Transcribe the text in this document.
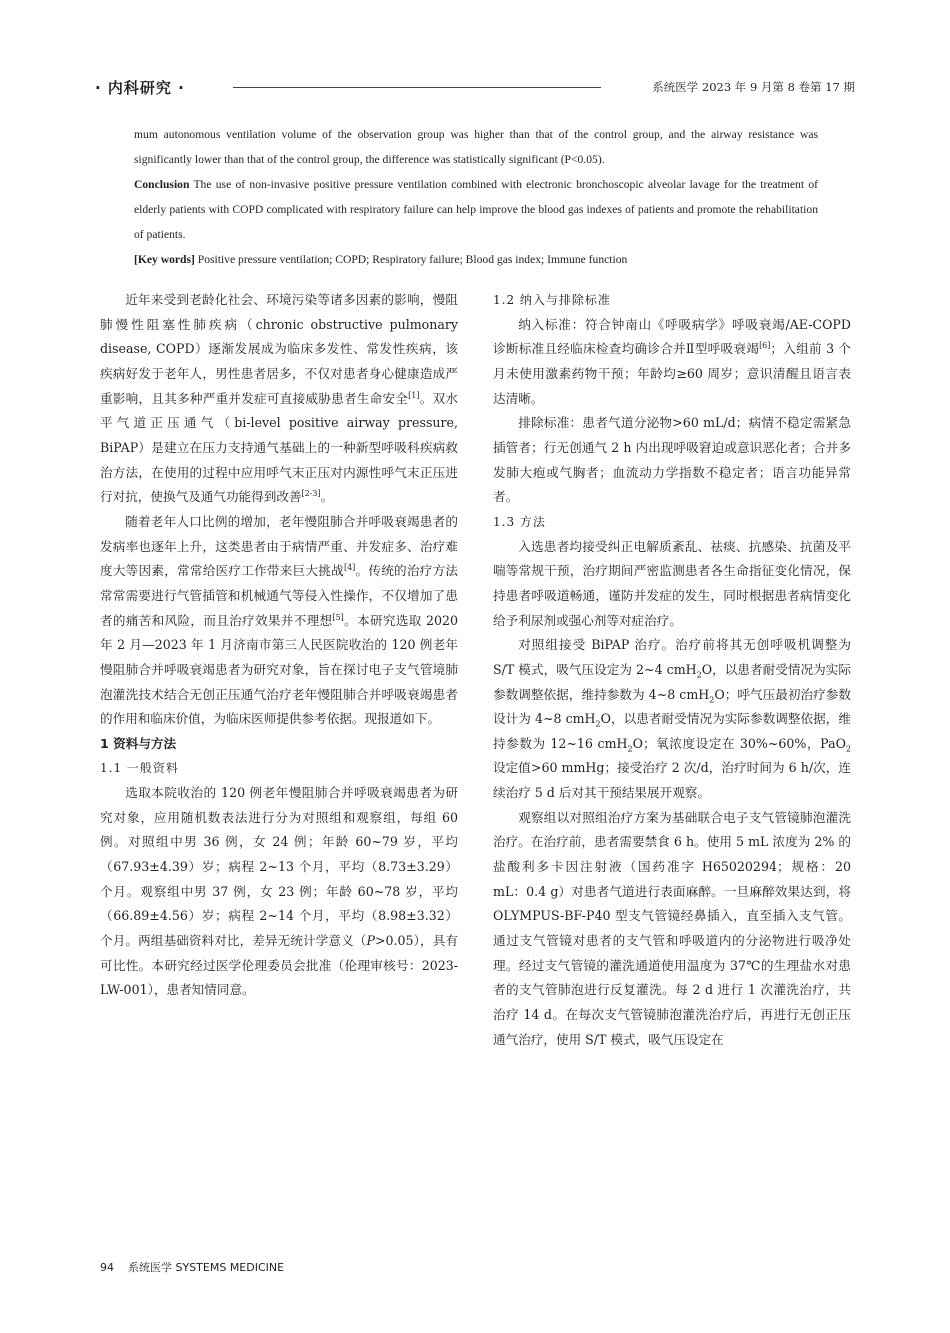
· 内科研究 ·	系统医学 2023 年 9 月第 8 卷第 17 期

mum autonomous ventilation volume of the observation group was higher than that of the control group, and the airway resistance was significantly lower than that of the control group, the difference was statistically significant (P<0.05).

Conclusion The use of non-invasive positive pressure ventilation combined with electronic bronchoscopic alveolar lavage for the treatment of elderly patients with COPD complicated with respiratory failure can help improve the blood gas indexes of patients and promote the rehabilitation of patients.

[Key words] Positive pressure ventilation; COPD; Respiratory failure; Blood gas index; Immune function

近年来受到老龄化社会、环境污染等诸多因素的影响，慢阻肺慢性阻塞性肺疾病（chronic obstructive pulmonary disease, COPD）逐渐发展成为临床多发性、常发性疾病，该疾病好发于老年人，男性患者居多，不仅对患者身心健康造成严重影响，且其多种严重并发症可直接威胁患者生命安全[1]。双水平气道正压通气（bi-level positive airway pressure, BiPAP）是建立在压力支持通气基础上的一种新型呼吸科疾病救治方法，在使用的过程中应用呼气末正压对内源性呼气末正压进行对抗，使换气及通气功能得到改善[2-3]。

随着老年人口比例的增加，老年慢阻肺合并呼吸衰竭患者的发病率也逐年上升，这类患者由于病情严重、并发症多、治疗难度大等因素，常常给医疗工作带来巨大挑战[4]。传统的治疗方法常常需要进行气管插管和机械通气等侵入性操作，不仅增加了患者的痛苦和风险，而且治疗效果并不理想[5]。本研究选取 2020 年 2 月—2023 年 1 月济南市第三人民医院收治的 120 例老年慢阻肺合并呼吸衰竭患者为研究对象，旨在探讨电子支气管境肺泡灌洗技术结合无创正压通气治疗老年慢阻肺合并呼吸衰竭患者的作用和临床价值，为临床医师提供参考依据。现报道如下。

1 资料与方法

1.1 一般资料

选取本院收治的 120 例老年慢阻肺合并呼吸衰竭患者为研究对象，应用随机数表法进行分为对照组和观察组，每组 60 例。对照组中男 36 例，女 24 例；年龄 60~79 岁，平均（67.93±4.39）岁；病程 2~13 个月，平均（8.73±3.29）个月。观察组中男 37 例，女 23 例；年龄 60~78 岁，平均（66.89±4.56）岁；病程 2~14 个月，平均（8.98±3.32）个月。两组基础资料对比，差异无统计学意义（P>0.05），具有可比性。本研究经过医学伦理委员会批准（伦理审核号：2023-LW-001），患者知情同意。

1.2 纳入与排除标准

纳入标准：符合钟南山《呼吸病学》呼吸衰竭/AE-COPD 诊断标准且经临床检查均确诊合并Ⅱ型呼吸衰竭[6]；入组前 3 个月未使用激素药物干预；年龄均≥60 周岁；意识清醒且语言表达清晰。

排除标准：患者气道分泌物>60 mL/d；病情不稳定需紧急插管者；行无创通气 2 h 内出现呼吸窘迫或意识恶化者；合并多发肺大疱或气胸者；血流动力学指数不稳定者；语言功能异常者。

1.3 方法

入选患者均接受纠正电解质紊乱、祛痰、抗感染、抗菌及平喘等常规干预，治疗期间严密监测患者各生命指征变化情况，保持患者呼吸道畅通，谨防并发症的发生，同时根据患者病情变化给予利尿剂或强心剂等对症治疗。

对照组接受 BiPAP 治疗。治疗前将其无创呼吸机调整为 S/T 模式，吸气压设定为 2~4 cmH$_2$O，以患者耐受情况为实际参数调整依据，维持参数为 4~8 cmH$_2$O；呼气压最初治疗参数设计为 4~8 cmH$_2$O，以患者耐受情况为实际参数调整依据，维持参数为 12~16 cmH$_2$O；氧浓度设定在 30%~60%，PaO$_2$ 设定值>60 mmHg；接受治疗 2 次/d，治疗时间为 6 h/次，连续治疗 5 d 后对其干预结果展开观察。

观察组以对照组治疗方案为基础联合电子支气管镜肺泡灌洗治疗。在治疗前，患者需要禁食 6 h。使用 5 mL 浓度为 2% 的盐酸利多卡因注射液（国药准字 H65020294；规格：20 mL：0.4 g）对患者气道进行表面麻醉。一旦麻醉效果达到，将 OLYMPUS-BF-P40 型支气管镜经鼻插入，直至插入支气管。通过支气管镜对患者的支气管和呼吸道内的分泌物进行吸净处理。经过支气管镜的灌洗通道使用温度为 37℃的生理盐水对患者的支气管肺泡进行反复灌洗。每 2 d 进行 1 次灌洗治疗，共治疗 14 d。在每次支气管镜肺泡灌洗治疗后，再进行无创正压通气治疗，使用 S/T 模式，吸气压设定在

94 系统医学 SYSTEMS MEDICINE
